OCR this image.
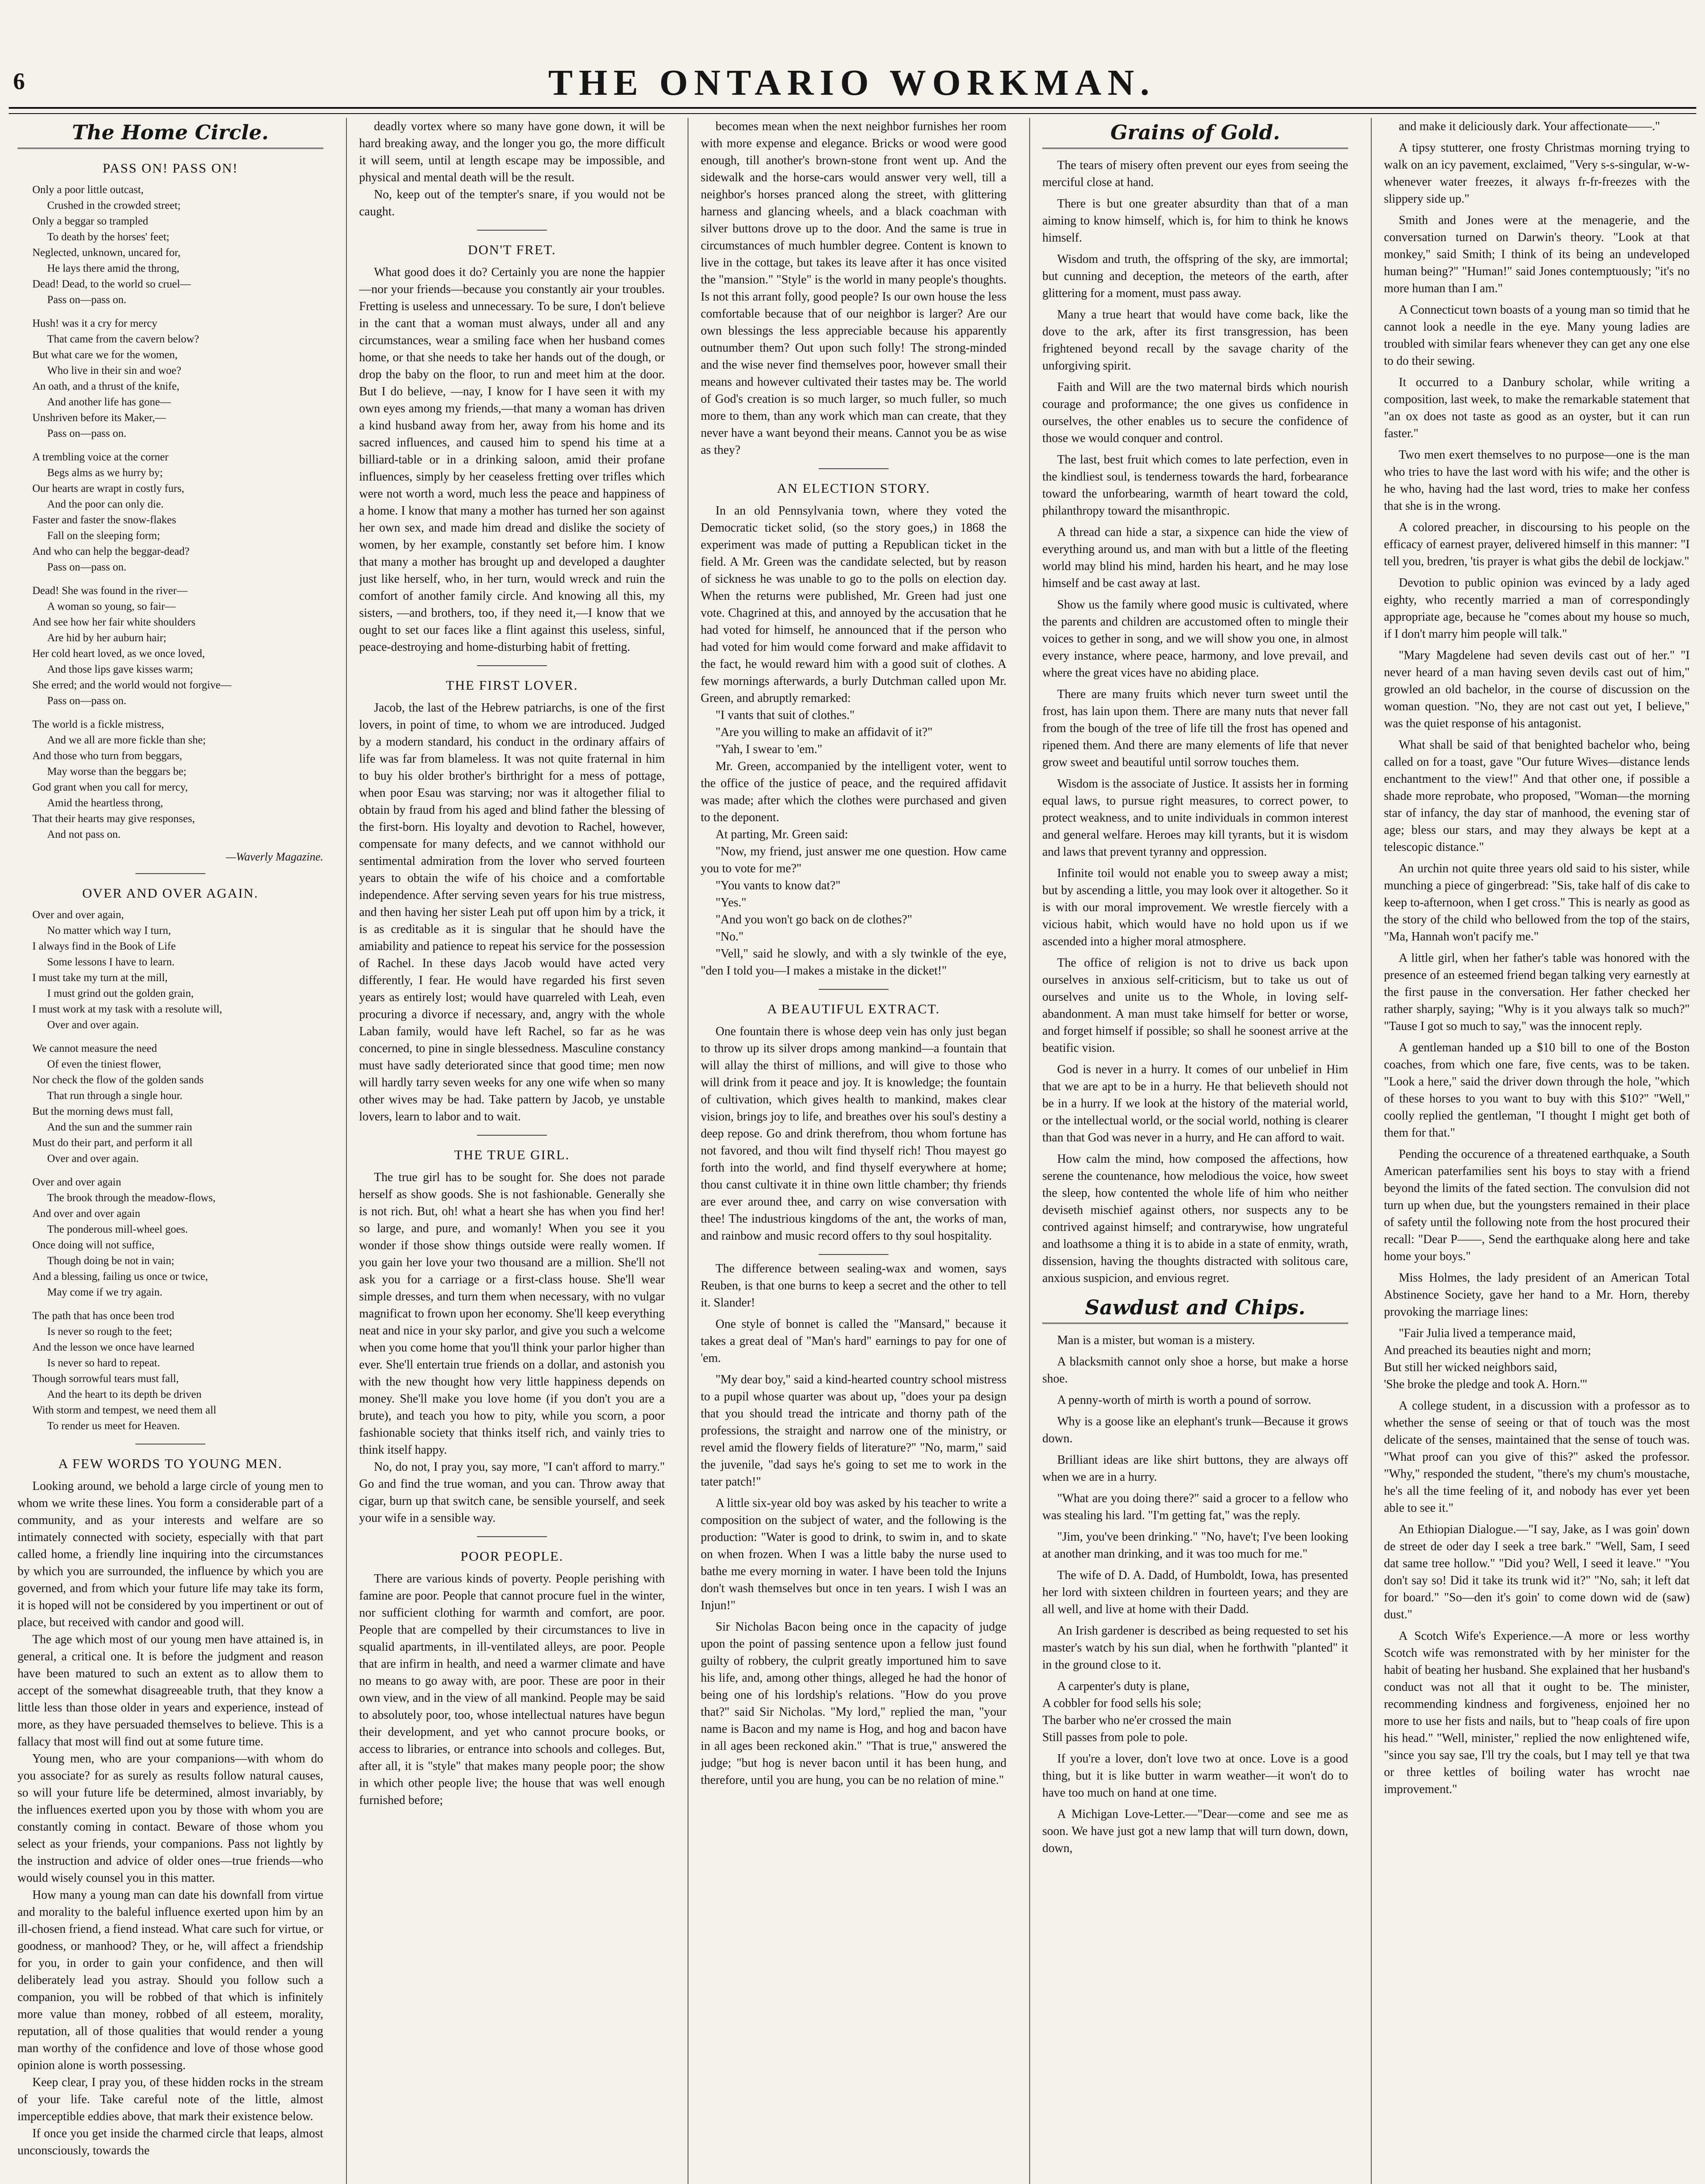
6	THE ONTARIO WORKMAN.
The Home Circle.
PASS ON! PASS ON!
Only a poor little outcast,
Crushed in the crowded street;
Only a beggar so trampled
To death by the horses' feet;
Neglected, unknown, uncared for,
He lays there amid the throng,
Dead! Dead, to the world so cruel—
Pass on—pass on.
Hush! was it a cry for mercy
That came from the cavern below?
But what care we for the women,
Who live in their sin and woe?
An oath, and a thrust of the knife,
And another life has gone—
Unshriven before its Maker,—
Pass on—pass on.
A trembling voice at the corner
Begs alms as we hurry by;
Our hearts are wrapt in costly furs,
And the poor can only die.
Faster and faster the snow-flakes
Fall on the sleeping form;
And who can help the beggar-dead?
Pass on—pass on.
Dead! She was found in the river—
A woman so young, so fair—
And see how her fair white shoulders
Are hid by her auburn hair;
Her cold heart loved, as we once loved,
And those lips gave kisses warm;
She erred; and the world would not forgive—
Pass on—pass on.
The world is a fickle mistress,
And we all are more fickle than she;
And those who turn from beggars,
May worse than the beggars be;
God grant when you call for mercy,
Amid the heartless throng,
That their hearts may give responses,
And not pass on.
—Waverly Magazine.
OVER AND OVER AGAIN.
Over and over again,
No matter which way I turn,
I always find in the Book of Life
Some lessons I have to learn.
I must take my turn at the mill,
I must grind out the golden grain,
I must work at my task with a resolute will,
Over and over again.
We cannot measure the need
Of even the tiniest flower,
Nor check the flow of the golden sands
That run through a single hour.
But the morning dews must fall,
And the sun and the summer rain
Must do their part, and perform it all
Over and over again.
Over and over again
The brook through the meadow-flows,
And over and over again
The ponderous mill-wheel goes.
Once doing will not suffice,
Though doing be not in vain;
And a blessing, failing us once or twice,
May come if we try again.
The path that has once been trod
Is never so rough to the feet;
And the lesson we once have learned
Is never so hard to repeat.
Though sorrowful tears must fall,
And the heart to its depth be driven
With storm and tempest, we need them all
To render us meet for Heaven.
A FEW WORDS TO YOUNG MEN.

Looking around, we behold a large circle of young men to whom we write these lines. You form a considerable part of a community, and as your interests and welfare are so intimately connected with society, especially with that part called home, a friendly line inquiring into the circumstances by which you are surrounded, the influence by which you are governed, and from which your future life may take its form, it is hoped will not be considered by you impertinent or out of place, but received with candor and good will.

The age which most of our young men have attained is, in general, a critical one. It is before the judgment and reason have been matured to such an extent as to allow them to accept of the somewhat disagreeable truth, that they know a little less than those older in years and experience, instead of more, as they have persuaded themselves to believe. This is a fallacy that most will find out at some future time.

Young men, who are your companions—with whom do you associate? for as surely as results follow natural causes, so will your future life be determined, almost invariably, by the influences exerted upon you by those with whom you are constantly coming in contact. Beware of those whom you select as your friends, your companions. Pass not lightly by the instruction and advice of older ones—true friends—who would wisely counsel you in this matter.

How many a young man can date his downfall from virtue and morality to the baleful influence exerted upon him by an ill-chosen friend, a fiend instead. What care such for virtue, or goodness, or manhood? They, or he, will affect a friendship for you, in order to gain your confidence, and then will deliberately lead you astray. Should you follow such a companion, you will be robbed of that which is infinitely more value than money, robbed of all esteem, morality, reputation, all of those qualities that would render a young man worthy of the confidence and love of those whose good opinion alone is worth possessing.

Keep clear, I pray you, of these hidden rocks in the stream of your life. Take careful note of the little, almost imperceptible eddies above, that mark their existence below.

If once you get inside the charmed circle that leaps, almost unconsciously, towards the

deadly vortex where so many have gone down, it will be hard breaking away, and the longer you go, the more difficult it will seem, until at length escape may be impossible, and physical and mental death will be the result.

No, keep out of the tempter's snare, if you would not be caught.

DON'T FRET.

What good does it do? Certainly you are none the happier—nor your friends—because you constantly air your troubles. Fretting is useless and unnecessary. To be sure, I don't believe in the cant that a woman must always, under all and any circumstances, wear a smiling face when her husband comes home, or that she needs to take her hands out of the dough, or drop the baby on the floor, to run and meet him at the door. But I do believe, —nay, I know for I have seen it with my own eyes among my friends,—that many a woman has driven a kind husband away from her, away from his home and its sacred influences, and caused him to spend his time at a billiard-table or in a drinking saloon, amid their profane influences, simply by her ceaseless fretting over trifles which were not worth a word, much less the peace and happiness of a home. I know that many a mother has turned her son against her own sex, and made him dread and dislike the society of women, by her example, constantly set before him. I know that many a mother has brought up and developed a daughter just like herself, who, in her turn, would wreck and ruin the comfort of another family circle. And knowing all this, my sisters, —and brothers, too, if they need it,—I know that we ought to set our faces like a flint against this useless, sinful, peace-destroying and home-disturbing habit of fretting.

THE FIRST LOVER.

Jacob, the last of the Hebrew patriarchs, is one of the first lovers, in point of time, to whom we are introduced. Judged by a modern standard, his conduct in the ordinary affairs of life was far from blameless. It was not quite fraternal in him to buy his older brother's birthright for a mess of pottage, when poor Esau was starving; nor was it altogether filial to obtain by fraud from his aged and blind father the blessing of the first-born. His loyalty and devotion to Rachel, however, compensate for many defects, and we cannot withhold our sentimental admiration from the lover who served fourteen years to obtain the wife of his choice and a comfortable independence. After serving seven years for his true mistress, and then having her sister Leah put off upon him by a trick, it is as creditable as it is singular that he should have the amiability and patience to repeat his service for the possession of Rachel. In these days Jacob would have acted very differently, I fear. He would have regarded his first seven years as entirely lost; would have quarreled with Leah, even procuring a divorce if necessary, and, angry with the whole Laban family, would have left Rachel, so far as he was concerned, to pine in single blessedness. Masculine constancy must have sadly deteriorated since that good time; men now will hardly tarry seven weeks for any one wife when so many other wives may be had. Take pattern by Jacob, ye unstable lovers, learn to labor and to wait.

THE TRUE GIRL.

The true girl has to be sought for. She does not parade herself as show goods. She is not fashionable. Generally she is not rich. But, oh! what a heart she has when you find her! so large, and pure, and womanly! When you see it you wonder if those show things outside were really women. If you gain her love your two thousand are a million. She'll not ask you for a carriage or a first-class house. She'll wear simple dresses, and turn them when necessary, with no vulgar magnificat to frown upon her economy. She'll keep everything neat and nice in your sky parlor, and give you such a welcome when you come home that you'll think your parlor higher than ever. She'll entertain true friends on a dollar, and astonish you with the new thought how very little happiness depends on money. She'll make you love home (if you don't you are a brute), and teach you how to pity, while you scorn, a poor fashionable society that thinks itself rich, and vainly tries to think itself happy.

No, do not, I pray you, say more, "I can't afford to marry." Go and find the true woman, and you can. Throw away that cigar, burn up that switch cane, be sensible yourself, and seek your wife in a sensible way.

POOR PEOPLE.

There are various kinds of poverty. People perishing with famine are poor. People that cannot procure fuel in the winter, nor sufficient clothing for warmth and comfort, are poor. People that are compelled by their circumstances to live in squalid apartments, in ill-ventilated alleys, are poor. People that are infirm in health, and need a warmer climate and have no means to go away with, are poor. These are poor in their own view, and in the view of all mankind. People may be said to absolutely poor, too, whose intellectual natures have begun their development, and yet who cannot procure books, or access to libraries, or entrance into schools and colleges. But, after all, it is "style" that makes many people poor; the show in which other people live; the house that was well enough furnished before;

becomes mean when the next neighbor furnishes her room with more expense and elegance. Bricks or wood were good enough, till another's brown-stone front went up. And the sidewalk and the horse-cars would answer very well, till a neighbor's horses pranced along the street, with glittering harness and glancing wheels, and a black coachman with silver buttons drove up to the door. And the same is true in circumstances of much humbler degree. Content is known to live in the cottage, but takes its leave after it has once visited the "mansion." "Style" is the world in many people's thoughts. Is not this arrant folly, good people? Is our own house the less comfortable because that of our neighbor is larger? Are our own blessings the less appreciable because his apparently outnumber them? Out upon such folly! The strong-minded and the wise never find themselves poor, however small their means and however cultivated their tastes may be. The world of God's creation is so much larger, so much fuller, so much more to them, than any work which man can create, that they never have a want beyond their means. Cannot you be as wise as they?

AN ELECTION STORY.

In an old Pennsylvania town, where they voted the Democratic ticket solid, (so the story goes,) in 1868 the experiment was made of putting a Republican ticket in the field. A Mr. Green was the candidate selected, but by reason of sickness he was unable to go to the polls on election day. When the returns were published, Mr. Green had just one vote. Chagrined at this, and annoyed by the accusation that he had voted for himself, he announced that if the person who had voted for him would come forward and make affidavit to the fact, he would reward him with a good suit of clothes. A few mornings afterwards, a burly Dutchman called upon Mr. Green, and abruptly remarked:

"I vants that suit of clothes."

"Are you willing to make an affidavit of it?"

"Yah, I swear to 'em."

Mr. Green, accompanied by the intelligent voter, went to the office of the justice of peace, and the required affidavit was made; after which the clothes were purchased and given to the deponent.

At parting, Mr. Green said:

"Now, my friend, just answer me one question. How came you to vote for me?"

"You vants to know dat?"

"Yes."

"And you won't go back on de clothes?"

"No."

"Vell," said he slowly, and with a sly twinkle of the eye, "den I told you—I makes a mistake in the dicket!"

A BEAUTIFUL EXTRACT.

One fountain there is whose deep vein has only just began to throw up its silver drops among mankind—a fountain that will allay the thirst of millions, and will give to those who will drink from it peace and joy. It is knowledge; the fountain of cultivation, which gives health to mankind, makes clear vision, brings joy to life, and breathes over his soul's destiny a deep repose. Go and drink therefrom, thou whom fortune has not favored, and thou wilt find thyself rich! Thou mayest go forth into the world, and find thyself everywhere at home; thou canst cultivate it in thine own little chamber; thy friends are ever around thee, and carry on wise conversation with thee! The industrious kingdoms of the ant, the works of man, and rainbow and music record offers to thy soul hospitality.

The difference between sealing-wax and women, says Reuben, is that one burns to keep a secret and the other to tell it. Slander!

One style of bonnet is called the "Mansard," because it takes a great deal of "Man's hard" earnings to pay for one of 'em.

"My dear boy," said a kind-hearted country school mistress to a pupil whose quarter was about up, "does your pa design that you should tread the intricate and thorny path of the professions, the straight and narrow one of the ministry, or revel amid the flowery fields of literature?" "No, marm," said the juvenile, "dad says he's going to set me to work in the tater patch!"

A little six-year old boy was asked by his teacher to write a composition on the subject of water, and the following is the production: "Water is good to drink, to swim in, and to skate on when frozen. When I was a little baby the nurse used to bathe me every morning in water. I have been told the Injuns don't wash themselves but once in ten years. I wish I was an Injun!"

Sir Nicholas Bacon being once in the capacity of judge upon the point of passing sentence upon a fellow just found guilty of robbery, the culprit greatly importuned him to save his life, and, among other things, alleged he had the honor of being one of his lordship's relations. "How do you prove that?" said Sir Nicholas. "My lord," replied the man, "your name is Bacon and my name is Hog, and hog and bacon have in all ages been reckoned akin." "That is true," answered the judge; "but hog is never bacon until it has been hung, and therefore, until you are hung, you can be no relation of mine."

Grains of Gold.

The tears of misery often prevent our eyes from seeing the merciful close at hand.

There is but one greater absurdity than that of a man aiming to know himself, which is, for him to think he knows himself.

Wisdom and truth, the offspring of the sky, are immortal; but cunning and deception, the meteors of the earth, after glittering for a moment, must pass away.

Many a true heart that would have come back, like the dove to the ark, after its first transgression, has been frightened beyond recall by the savage charity of the unforgiving spirit.

Faith and Will are the two maternal birds which nourish courage and proformance; the one gives us confidence in ourselves, the other enables us to secure the confidence of those we would conquer and control.

The last, best fruit which comes to late perfection, even in the kindliest soul, is tenderness towards the hard, forbearance toward the unforbearing, warmth of heart toward the cold, philanthropy toward the misanthropic.

A thread can hide a star, a sixpence can hide the view of everything around us, and man with but a little of the fleeting world may blind his mind, harden his heart, and he may lose himself and be cast away at last.

Show us the family where good music is cultivated, where the parents and children are accustomed often to mingle their voices to gether in song, and we will show you one, in almost every instance, where peace, harmony, and love prevail, and where the great vices have no abiding place.

There are many fruits which never turn sweet until the frost, has lain upon them. There are many nuts that never fall from the bough of the tree of life till the frost has opened and ripened them. And there are many elements of life that never grow sweet and beautiful until sorrow touches them.

Wisdom is the associate of Justice. It assists her in forming equal laws, to pursue right measures, to correct power, to protect weakness, and to unite individuals in common interest and general welfare. Heroes may kill tyrants, but it is wisdom and laws that prevent tyranny and oppression.

Infinite toil would not enable you to sweep away a mist; but by ascending a little, you may look over it altogether. So it is with our moral improvement. We wrestle fiercely with a vicious habit, which would have no hold upon us if we ascended into a higher moral atmosphere.

The office of religion is not to drive us back upon ourselves in anxious self-criticism, but to take us out of ourselves and unite us to the Whole, in loving self-abandonment. A man must take himself for better or worse, and forget himself if possible; so shall he soonest arrive at the beatific vision.

God is never in a hurry. It comes of our unbelief in Him that we are apt to be in a hurry. He that believeth should not be in a hurry. If we look at the history of the material world, or the intellectual world, or the social world, nothing is clearer than that God was never in a hurry, and He can afford to wait.

How calm the mind, how composed the affections, how serene the countenance, how melodious the voice, how sweet the sleep, how contented the whole life of him who neither deviseth mischief against others, nor suspects any to be contrived against himself; and contrarywise, how ungrateful and loathsome a thing it is to abide in a state of enmity, wrath, dissension, having the thoughts distracted with solitous care, anxious suspicion, and envious regret.

Sawdust and Chips.

Man is a mister, but woman is a mistery.

A blacksmith cannot only shoe a horse, but make a horse shoe.

A penny-worth of mirth is worth a pound of sorrow.

Why is a goose like an elephant's trunk—Because it grows down.

Brilliant ideas are like shirt buttons, they are always off when we are in a hurry.

"What are you doing there?" said a grocer to a fellow who was stealing his lard. "I'm getting fat," was the reply.

"Jim, you've been drinking." "No, have't; I've been looking at another man drinking, and it was too much for me."

The wife of D. A. Dadd, of Humboldt, Iowa, has presented her lord with sixteen children in fourteen years; and they are all well, and live at home with their Dadd.

An Irish gardener is described as being requested to set his master's watch by his sun dial, when he forthwith "planted" it in the ground close to it.

A carpenter's duty is plane,
A cobbler for food sells his sole;
The barber who ne'er crossed the main
Still passes from pole to pole.

If you're a lover, don't love two at once. Love is a good thing, but it is like butter in warm weather—it won't do to have too much on hand at one time.

A Michigan Love-Letter.—"Dear—come and see me as soon. We have just got a new lamp that will turn down, down, down,

and make it deliciously dark. Your affectionate——."

A tipsy stutterer, one frosty Christmas morning trying to walk on an icy pavement, exclaimed, "Very s-s-singular, w-w-whenever water freezes, it always fr-fr-freezes with the slippery side up."

Smith and Jones were at the menagerie, and the conversation turned on Darwin's theory. "Look at that monkey," said Smith; I think of its being an undeveloped human being?" "Human!" said Jones contemptuously; "it's no more human than I am."

A Connecticut town boasts of a young man so timid that he cannot look a needle in the eye. Many young ladies are troubled with similar fears whenever they can get any one else to do their sewing.

It occurred to a Danbury scholar, while writing a composition, last week, to make the remarkable statement that "an ox does not taste as good as an oyster, but it can run faster."

Two men exert themselves to no purpose—one is the man who tries to have the last word with his wife; and the other is he who, having had the last word, tries to make her confess that she is in the wrong.

A colored preacher, in discoursing to his people on the efficacy of earnest prayer, delivered himself in this manner: "I tell you, bredren, 'tis prayer is what gibs the debil de lockjaw."

Devotion to public opinion was evinced by a lady aged eighty, who recently married a man of correspondingly appropriate age, because he "comes about my house so much, if I don't marry him people will talk."

"Mary Magdelene had seven devils cast out of her." "I never heard of a man having seven devils cast out of him," growled an old bachelor, in the course of discussion on the woman question. "No, they are not cast out yet, I believe," was the quiet response of his antagonist.

What shall be said of that benighted bachelor who, being called on for a toast, gave "Our future Wives—distance lends enchantment to the view!" And that other one, if possible a shade more reprobate, who proposed, "Woman—the morning star of infancy, the day star of manhood, the evening star of age; bless our stars, and may they always be kept at a telescopic distance."

An urchin not quite three years old said to his sister, while munching a piece of gingerbread: "Sis, take half of dis cake to keep to-afternoon, when I get cross." This is nearly as good as the story of the child who bellowed from the top of the stairs, "Ma, Hannah won't pacify me."

A little girl, when her father's table was honored with the presence of an esteemed friend began talking very earnestly at the first pause in the conversation. Her father checked her rather sharply, saying; "Why is it you always talk so much?" "Tause I got so much to say," was the innocent reply.

A gentleman handed up a $10 bill to one of the Boston coaches, from which one fare, five cents, was to be taken. "Look a here," said the driver down through the hole, "which of these horses to you want to buy with this $10?" "Well," coolly replied the gentleman, "I thought I might get both of them for that."

Pending the occurence of a threatened earthquake, a South American paterfamilies sent his boys to stay with a friend beyond the limits of the fated section. The convulsion did not turn up when due, but the youngsters remained in their place of safety until the following note from the host procured their recall: "Dear P——, Send the earthquake along here and take home your boys."

Miss Holmes, the lady president of an American Total Abstinence Society, gave her hand to a Mr. Horn, thereby provoking the marriage lines:

"Fair Julia lived a temperance maid,
And preached its beauties night and morn;
But still her wicked neighbors said,
'She broke the pledge and took A. Horn.'"

A college student, in a discussion with a professor as to whether the sense of seeing or that of touch was the most delicate of the senses, maintained that the sense of touch was. "What proof can you give of this?" asked the professor. "Why," responded the student, "there's my chum's moustache, he's all the time feeling of it, and nobody has ever yet been able to see it."

An Ethiopian Dialogue.—"I say, Jake, as I was goin' down de street de oder day I seek a tree bark." "Well, Sam, I seed dat same tree hollow." "Did you? Well, I seed it leave." "You don't say so! Did it take its trunk wid it?" "No, sah; it left dat for board." "So—den it's goin' to come down wid de (saw) dust."

A Scotch Wife's Experience.—A more or less worthy Scotch wife was remonstrated with by her minister for the habit of beating her husband. She explained that her husband's conduct was not all that it ought to be. The minister, recommending kindness and forgiveness, enjoined her no more to use her fists and nails, but to "heap coals of fire upon his head." "Well, minister," replied the now enlightened wife, "since you say sae, I'll try the coals, but I may tell ye that twa or three kettles of boiling water has wrocht nae improvement."
